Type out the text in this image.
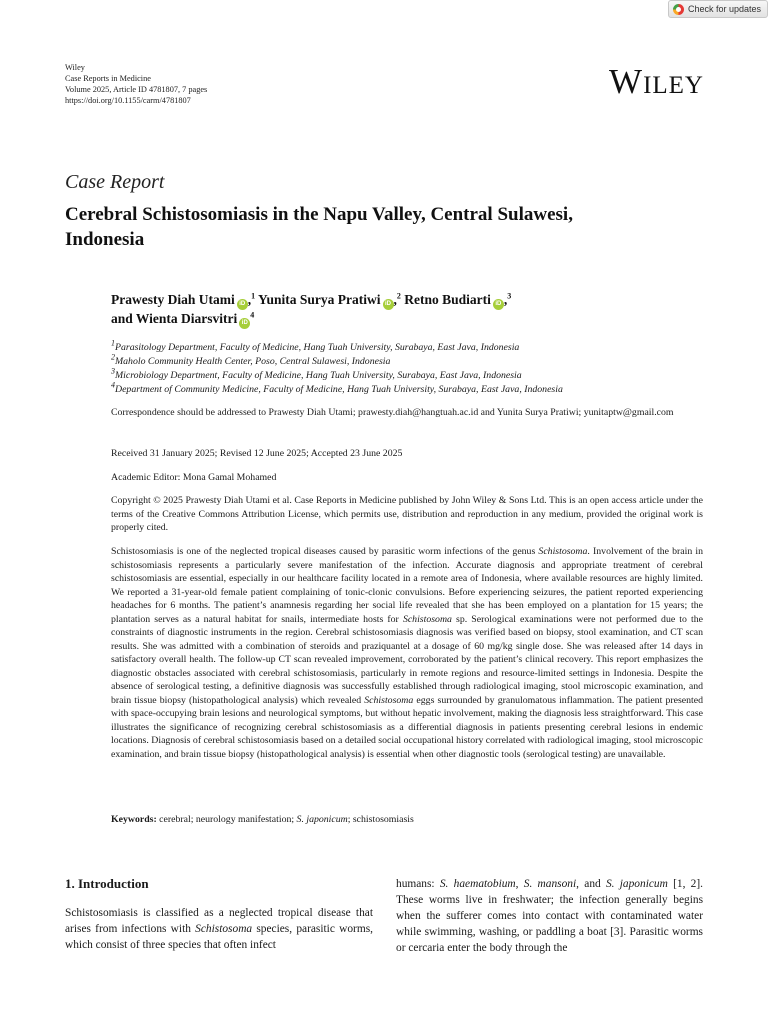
Check for updates
Wiley
Case Reports in Medicine
Volume 2025, Article ID 4781807, 7 pages
https://doi.org/10.1155/carm/4781807	Wiley
Case Report
Cerebral Schistosomiasis in the Napu Valley, Central Sulawesi, Indonesia
Prawesty Diah Utami iD ,$^1$ Yunita Surya Pratiwi iD ,$^2$ Retno Budiarti iD ,$^3$
and Wienta Diarsvitri $iD^4$
$^1$Parasitology Department, Faculty of Medicine, Hang Tuah University, Surabaya, East Java, Indonesia
$^2$Maholo Community Health Center, Poso, Central Sulawesi, Indonesia
$^3$Microbiology Department, Faculty of Medicine, Hang Tuah University, Surabaya, East Java, Indonesia
$^4$Department of Community Medicine, Faculty of Medicine, Hang Tuah University, Surabaya, East Java, Indonesia
Correspondence should be addressed to Prawesty Diah Utami; prawesty.diah@hangtuah.ac.id and Yunita Surya Pratiwi; yunitaptw@gmail.com
Received 31 January 2025; Revised 12 June 2025; Accepted 23 June 2025
Academic Editor: Mona Gamal Mohamed
Copyright © 2025 Prawesty Diah Utami et al. Case Reports in Medicine published by John Wiley & Sons Ltd. This is an open access article under the terms of the Creative Commons Attribution License, which permits use, distribution and reproduction in any medium, provided the original work is properly cited.
Schistosomiasis is one of the neglected tropical diseases caused by parasitic worm infections of the genus Schistosoma. Involvement of the brain in schistosomiasis represents a particularly severe manifestation of the infection. Accurate diagnosis and appropriate treatment of cerebral schistosomiasis are essential, especially in our healthcare facility located in a remote area of Indonesia, where available resources are highly limited. We reported a 31-year-old female patient complaining of tonic-clonic convulsions. Before experiencing seizures, the patient reported experiencing headaches for 6 months. The patient’s anamnesis regarding her social life revealed that she has been employed on a plantation for 15 years; the plantation serves as a natural habitat for snails, intermediate hosts for Schistosoma sp. Serological examinations were not performed due to the constraints of diagnostic instruments in the region. Cerebral schistosomiasis diagnosis was verified based on biopsy, stool examination, and CT scan results. She was admitted with a combination of steroids and praziquantel at a dosage of 60 mg/kg single dose. She was released after 14 days in satisfactory overall health. The follow-up CT scan revealed improvement, corroborated by the patient’s clinical recovery. This report emphasizes the diagnostic obstacles associated with cerebral schistosomiasis, particularly in remote regions and resource-limited settings in Indonesia. Despite the absence of serological testing, a definitive diagnosis was successfully established through radiological imaging, stool microscopic examination, and brain tissue biopsy (histopathological analysis) which revealed Schistosoma eggs surrounded by granulomatous inflammation. The patient presented with space-occupying brain lesions and neurological symptoms, but without hepatic involvement, making the diagnosis less straightforward. This case illustrates the significance of recognizing cerebral schistosomiasis as a differential diagnosis in patients presenting cerebral lesions in endemic locations. Diagnosis of cerebral schistosomiasis based on a detailed social occupational history correlated with radiological imaging, stool microscopic examination, and brain tissue biopsy (histopathological analysis) is essential when other diagnostic tools (serological testing) are unavailable.
Keywords: cerebral; neurology manifestation; S. japonicum; schistosomiasis
1. Introduction
Schistosomiasis is classified as a neglected tropical disease that arises from infections with Schistosoma species, parasitic worms, which consist of three species that often infect
humans: S. haematobium, S. mansoni, and S. japonicum [1, 2]. These worms live in freshwater; the infection generally begins when the sufferer comes into contact with contaminated water while swimming, washing, or paddling a boat [3]. Parasitic worms or cercaria enter the body through the
